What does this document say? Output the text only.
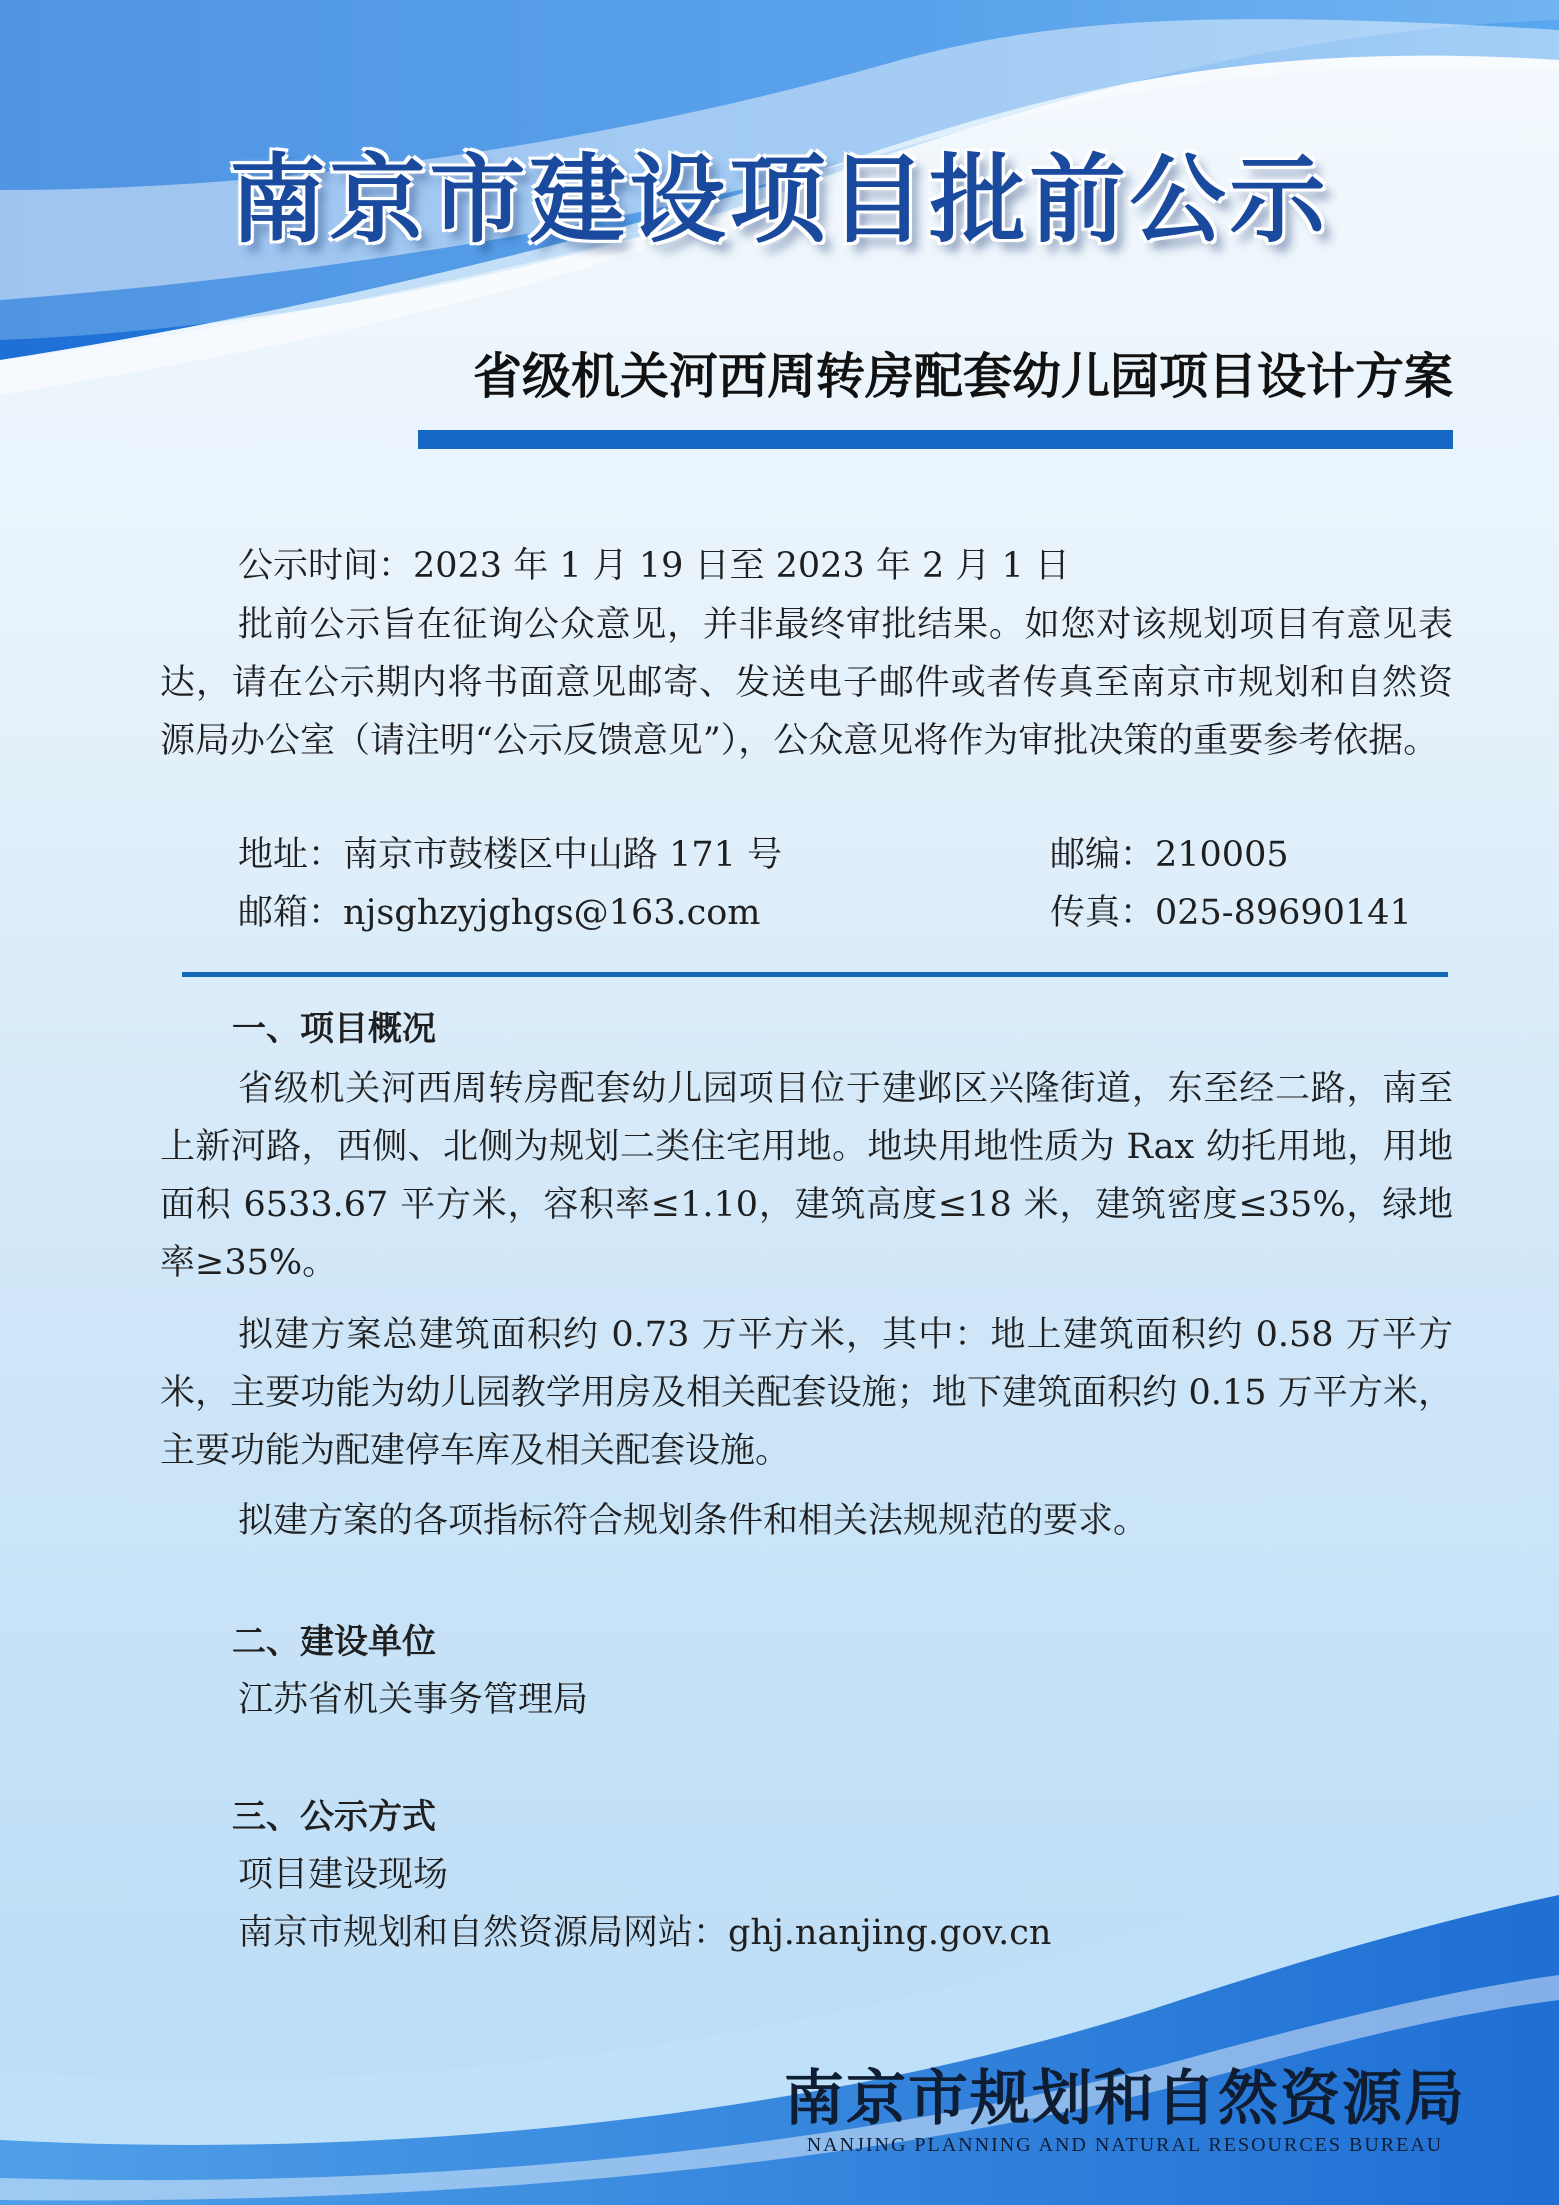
南京市建设项目批前公示
省级机关河西周转房配套幼儿园项目设计方案
公示时间：2023 年 1 月 19 日至 2023 年 2 月 1 日
批前公示旨在征询公众意见，并非最终审批结果。如您对该规划项目有意见表达，请在公示期内将书面意见邮寄、发送电子邮件或者传真至南京市规划和自然资源局办公室（请注明“公示反馈意见”），公众意见将作为审批决策的重要参考依据。
地址：南京市鼓楼区中山路 171 号	邮编：210005
邮箱：njsghzyjghgs@163.com	传真：025-89690141
一、项目概况
省级机关河西周转房配套幼儿园项目位于建邺区兴隆街道，东至经二路，南至上新河路，西侧、北侧为规划二类住宅用地。地块用地性质为 Rax 幼托用地，用地面积 6533.67 平方米，容积率≤1.10，建筑高度≤18 米，建筑密度≤35%，绿地率≥35%。
拟建方案总建筑面积约 0.73 万平方米，其中：地上建筑面积约 0.58 万平方米，主要功能为幼儿园教学用房及相关配套设施；地下建筑面积约 0.15 万平方米，主要功能为配建停车库及相关配套设施。
拟建方案的各项指标符合规划条件和相关法规规范的要求。
二、建设单位
江苏省机关事务管理局
三、公示方式
项目建设现场
南京市规划和自然资源局网站：ghj.nanjing.gov.cn
南京市规划和自然资源局
NANJING PLANNING AND NATURAL RESOURCES BUREAU
